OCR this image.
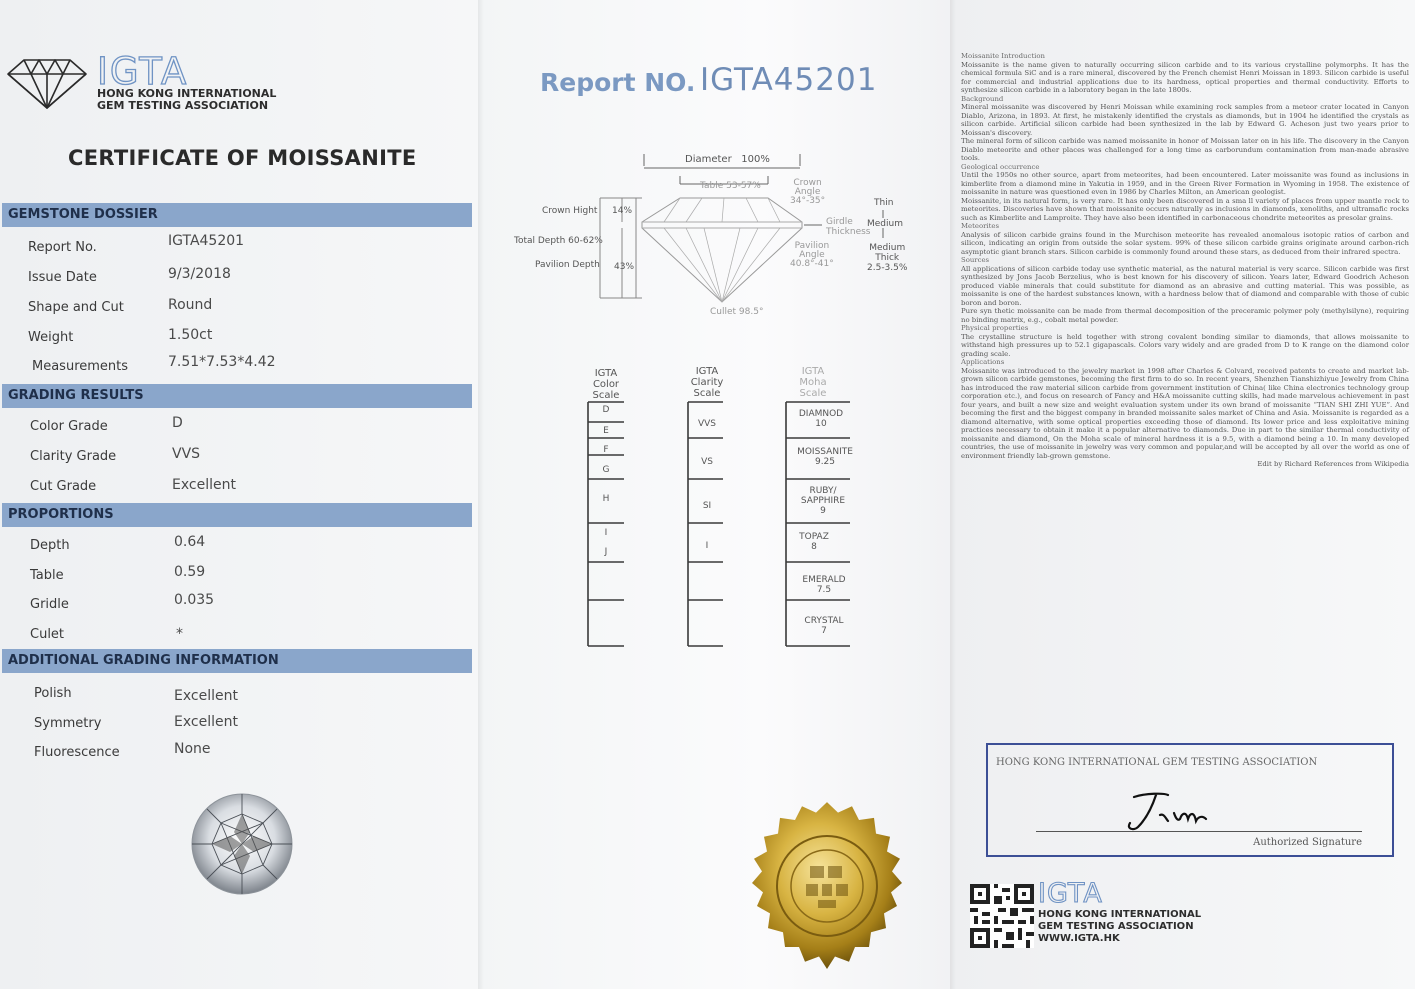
IGTA
HONG KONG INTERNATIONAL
GEM TESTING ASSOCIATION
CERTIFICATE OF MOISSANITE
GEMSTONE DOSSIER
Report No.	IGTA45201
Issue Date	9/3/2018
Shape and Cut	Round
Weight	1.50ct
Measurements	7.51*7.53*4.42
GRADING RESULTS
Color Grade	D
Clarity Grade	VVS
Cut Grade	Excellent
PROPORTIONS
Depth	0.64
Table	0.59
Gridle	0.035
Culet	*
ADDITIONAL GRADING INFORMATION
Polish	Excellent
Symmetry	Excellent
Fluorescence	None
Report NO. IGTA45201
Diameter 100%
Table 53-57%	Crown
Angle
34°-35°
Crown Hight 14%
Total Depth 60-62%
Pavilion Depth 43%
Girdle
Thickness
Pavilion
Angle
40.8°-41°
Thin
Medium
Medium
Thick
2.5-3.5%
Cullet 98.5°
IGTA
Color
Scale
IGTA
Clarity
Scale
IGTA
Moha
Scale
D
E
F
G
H
I
J
VVS
VS
SI
I
DIAMNOD
10
MOISSANITE
9.25
RUBY/
SAPPHIRE
9
TOPAZ
8
EMERALD
7.5
CRYSTAL
7

Moissanite Introduction

Moissanite is the name given to naturally occurring silicon carbide and to its various crystalline polymorphs. It has the chemical formula SiC and is a rare mineral, discovered by the French chemist Henri Moissan in 1893. Silicon carbide is useful for commercial and industrial applications due to its hardness, optical properties and thermal conductivity. Efforts to synthesize silicon carbide in a laboratory began in the late 1800s.

Background

Mineral moissanite was discovered by Henri Moissan while examining rock samples from a meteor crater located in Canyon Diablo, Arizona, in 1893. At first, he mistakenly identified the crystals as diamonds, but in 1904 he identified the crystals as silicon carbide. Artificial silicon carbide had been synthesized in the lab by Edward G. Acheson just two years prior to Moissan's discovery.

The mineral form of silicon carbide was named moissanite in honor of Moissan later on in his life. The discovery in the Canyon Diablo meteorite and other places was challenged for a long time as carborundum contamination from man-made abrasive tools.

Geological occurrence

Until the 1950s no other source, apart from meteorites, had been encountered. Later moissanite was found as inclusions in kimberlite from a diamond mine in Yakutia in 1959, and in the Green River Formation in Wyoming in 1958. The existence of moissanite in nature was questioned even in 1986 by Charles Milton, an American geologist.

Moissanite, in its natural form, is very rare. It has only been discovered in a sma ll variety of places from upper mantle rock to meteorites. Discoveries have shown that moissanite occurs naturally as inclusions in diamonds, xenoliths, and ultramafic rocks such as Kimberlite and Lamproite. They have also been identified in carbonaceous chondrite meteorites as presolar grains.

Meteorites

Analysis of silicon carbide grains found in the Murchison meteorite has revealed anomalous isotopic ratios of carbon and silicon, indicating an origin from outside the solar system. 99% of these silicon carbide grains originate around carbon-rich asymptotic giant branch stars. Silicon carbide is commonly found around these stars, as deduced from their infrared spectra.

Sources

All applications of silicon carbide today use synthetic material, as the natural material is very scarce. Silicon carbide was first synthesized by Jons Jacob Berzelius, who is best known for his discovery of silicon. Years later, Edward Goodrich Acheson produced viable minerals that could substitute for diamond as an abrasive and cutting material. This was possible, as moissanite is one of the hardest substances known, with a hardness below that of diamond and comparable with those of cubic boron and boron.

Pure syn thetic moissanite can be made from thermal decomposition of the preceramic polymer poly (methylsilyne), requiring no binding matrix, e.g., cobalt metal powder.

Physical properties

The crystalline structure is held together with strong covalent bonding similar to diamonds, that allows moissanite to withstand high pressures up to 52.1 gigapascals. Colors vary widely and are graded from D to K range on the diamond color grading scale.

Applications

Moissanite was introduced to the jewelry market in 1998 after Charles & Colvard, received patents to create and market lab-grown silicon carbide gemstones, becoming the first firm to do so. In recent years, Shenzhen Tianshizhiyue Jewelry from China has introduced the raw material silicon carbide from government institution of China( like China electronics technology group corporation etc.), and focus on research of Fancy and H&A moissanite cutting skills, had made marvelous achievement in past four years, and built a new size and weight evaluation system under its own brand of moissanite “TIAN SHI ZHI YUE”. And becoming the first and the biggest company in branded moissanite sales market of China and Asia. Moissanite is regarded as a diamond alternative, with some optical properties exceeding those of diamond. Its lower price and less exploitative mining practices necessary to obtain it make it a popular alternative to diamonds. Due in part to the similar thermal conductivity of moissanite and diamond, On the Moha scale of mineral hardness it is a 9.5, with a diamond being a 10. In many developed countries, the use of moissanite in jewelry was very common and popular,and will be accepted by all over the world as one of environment friendly lab-grown gemstone.

Edit by Richard References from Wikipedia

HONG KONG INTERNATIONAL GEM TESTING ASSOCIATION
Authorized Signature
IGTA
HONG KONG INTERNATIONAL
GEM TESTING ASSOCIATION
WWW.IGTA.HK
